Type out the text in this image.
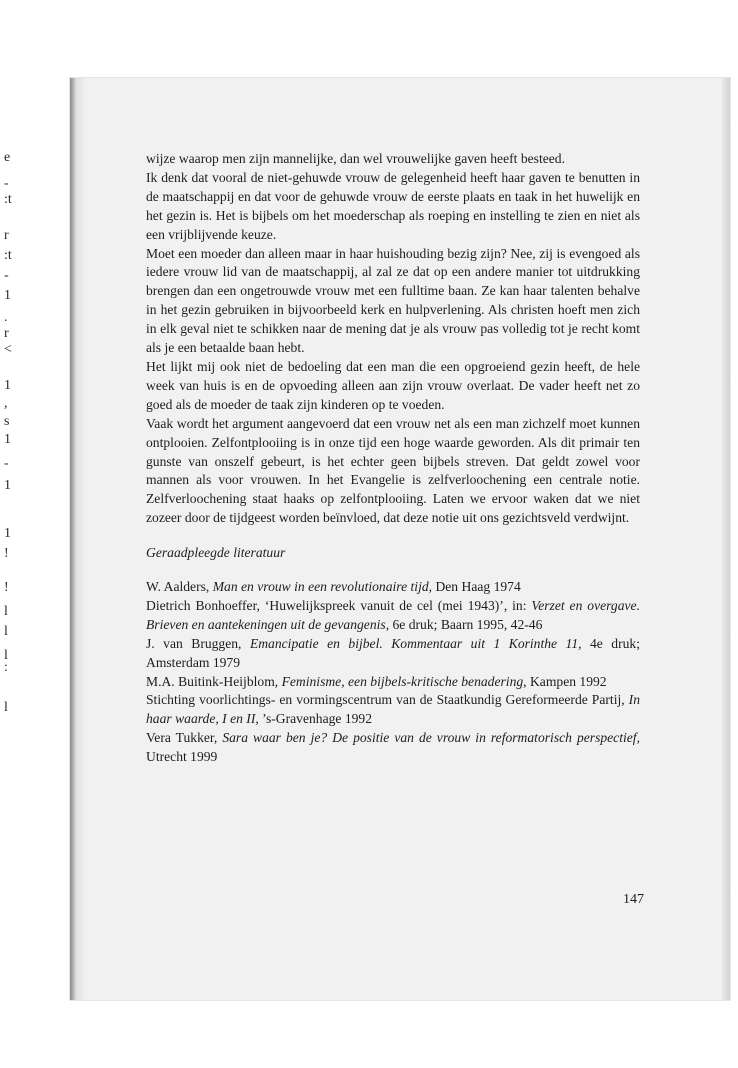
e
-
:t
r
:t
-
1
.
r
<
1
,
s
1
-
1
1
!
!
l
l
l
:
l

wijze waarop men zijn mannelijke, dan wel vrouwelijke gaven heeft besteed.

Ik denk dat vooral de niet-gehuwde vrouw de gelegenheid heeft haar gaven te benutten in de maatschappij en dat voor de gehuwde vrouw de eerste plaats en taak in het huwelijk en het gezin is. Het is bijbels om het moederschap als roeping en instelling te zien en niet als een vrijblijvende keuze.

Moet een moeder dan alleen maar in haar huishouding bezig zijn? Nee, zij is evengoed als iedere vrouw lid van de maatschappij, al zal ze dat op een andere manier tot uitdrukking brengen dan een ongetrouwde vrouw met een fulltime baan. Ze kan haar talenten behalve in het gezin gebruiken in bijvoorbeeld kerk en hulpverlening. Als christen hoeft men zich in elk geval niet te schikken naar de mening dat je als vrouw pas volledig tot je recht komt als je een betaalde baan hebt.

Het lijkt mij ook niet de bedoeling dat een man die een opgroeiend gezin heeft, de hele week van huis is en de opvoeding alleen aan zijn vrouw overlaat. De vader heeft net zo goed als de moeder de taak zijn kinderen op te voeden.

Vaak wordt het argument aangevoerd dat een vrouw net als een man zichzelf moet kunnen ontplooien. Zelfontplooiing is in onze tijd een hoge waarde geworden. Als dit primair ten gunste van onszelf gebeurt, is het echter geen bijbels streven. Dat geldt zowel voor mannen als voor vrouwen. In het Evangelie is zelfverloochening een centrale notie. Zelfverloochening staat haaks op zelfontplooiing. Laten we ervoor waken dat we niet zozeer door de tijdgeest worden beïnvloed, dat deze notie uit ons gezichtsveld verdwijnt.

Geraadpleegde literatuur

W. Aalders, Man en vrouw in een revolutionaire tijd, Den Haag 1974

Dietrich Bonhoeffer, ‘Huwelijkspreek vanuit de cel (mei 1943)’, in: Verzet en overgave. Brieven en aantekeningen uit de gevangenis, 6e druk; Baarn 1995, 42-46

J. van Bruggen, Emancipatie en bijbel. Kommentaar uit 1 Korinthe 11, 4e druk; Amsterdam 1979

M.A. Buitink-Heijblom, Feminisme, een bijbels-kritische benadering, Kampen 1992

Stichting voorlichtings- en vormingscentrum van de Staatkundig Gereformeerde Partij, In haar waarde, I en II, ’s-Gravenhage 1992

Vera Tukker, Sara waar ben je? De positie van de vrouw in reformatorisch perspectief, Utrecht 1999

147
